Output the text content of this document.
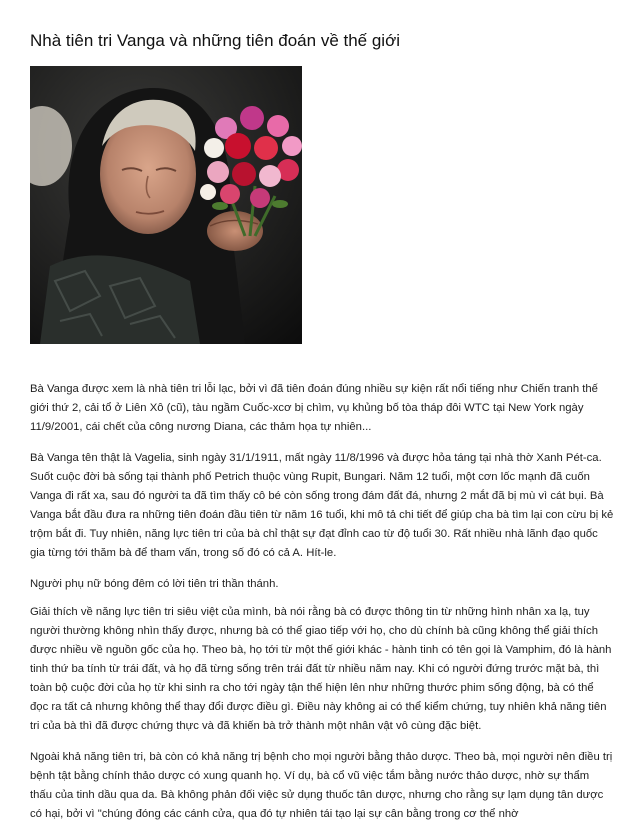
Nhà tiên tri Vanga và những tiên đoán về thế giới

Bà Vanga được xem là nhà tiên tri lỗi lạc, bởi vì đã tiên đoán đúng nhiều sự kiện rất nổi tiếng như Chiến tranh thế giới thứ 2, cải tổ ở Liên Xô (cũ), tàu ngầm Cuốc-xcơ bị chìm, vụ khủng bố tòa tháp đôi WTC tại New York ngày 11/9/2001, cái chết của công nương Diana, các thảm họa tự nhiên...

Bà Vanga tên thật là Vagelia, sinh ngày 31/1/1911, mất ngày 11/8/1996 và được hỏa táng tại nhà thờ Xanh Pét-ca. Suốt cuộc đời bà sống tại thành phố Petrich thuộc vùng Rupit, Bungari. Năm 12 tuổi, một cơn lốc mạnh đã cuốn Vanga đi rất xa, sau đó người ta đã tìm thấy cô bé còn sống trong đám đất đá, nhưng 2 mắt đã bị mù vì cát bụi. Bà Vanga bắt đầu đưa ra những tiên đoán đầu tiên từ năm 16 tuổi, khi mô tả chi tiết để giúp cha bà tìm lại con cừu bị kẻ trộm bắt đi. Tuy nhiên, năng lực tiên tri của bà chỉ thật sự đạt đỉnh cao từ độ tuổi 30. Rất nhiều nhà lãnh đạo quốc gia từng tới thăm bà để tham vấn, trong số đó có cả A. Hít-le.

Người phụ nữ bóng đêm có lời tiên tri thần thánh.

Giải thích về năng lực tiên tri siêu việt của mình, bà nói rằng bà có được thông tin từ những hình nhân xa lạ, tuy người thường không nhìn thấy được, nhưng bà có thể giao tiếp với họ, cho dù chính bà cũng không thể giải thích được nhiều về nguồn gốc của họ. Theo bà, họ tới từ một thế giới khác - hành tinh có tên gọi là Vamphim, đó là hành tinh thứ ba tính từ trái đất, và họ đã từng sống trên trái đất từ nhiều năm nay. Khi có người đứng trước mặt bà, thì toàn bộ cuộc đời của họ từ khi sinh ra cho tới ngày tận thế hiện lên như những thước phim sống động, bà có thể đọc ra tất cả nhưng không thể thay đổi được điều gì. Điều này không ai có thể kiểm chứng, tuy nhiên khả năng tiên tri của bà thì đã được chứng thực và đã khiến bà trở thành một nhân vật vô cùng đặc biệt.

Ngoài khả năng tiên tri, bà còn có khả năng trị bệnh cho mọi người bằng thảo dược. Theo bà, mọi người nên điều trị bệnh tật bằng chính thảo dược có xung quanh họ. Ví dụ, bà cổ vũ việc tắm bằng nước thảo dược, nhờ sự thẩm thấu của tinh dầu qua da. Bà không phản đối việc sử dụng thuốc tân dược, nhưng cho rằng sự lạm dụng tân dược có hại, bởi vì "chúng đóng các cánh cửa, qua đó tự nhiên tái tạo lại sự cân bằng trong cơ thể nhờ
